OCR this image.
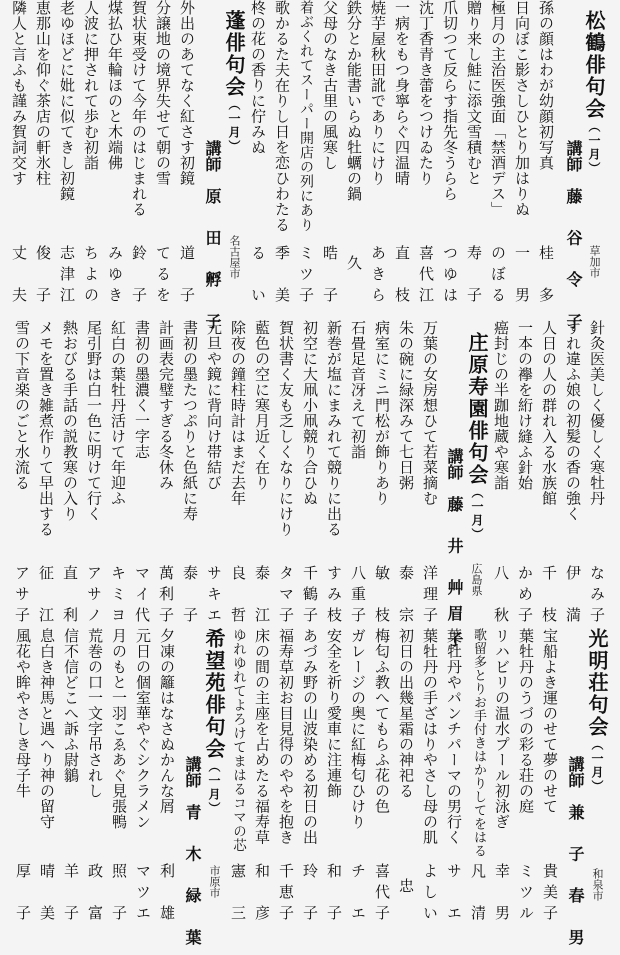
松鶴俳句会（一月）
講師　藤 谷 令 子 草加市
孫の顔はわが幼顔初写真
桂　多
日向ぼこ影さしひとり加はりぬ
一　男
極月の主治医強面「禁酒デス」
のぼる
贈り来し鮭に添文雪積むと
寿　子
爪切つて反らす指先冬うらら
つゆは
沈丁香青き蕾をつけゐたり
喜代江
一病をもつ身寧らぐ四温晴
直　枝
焼芋屋秋田訛でありにけり
あきら
鉄分とか能書いらぬ牡蠣の鍋
久
父母のなき古里の風寒し
晧　子
着ぶくれてスーパー開店の列にあり
ミツ子
歌かるた夫在りし日を恋ひわたる
季　美
柊の花の香りに佇みぬ
る　い
蓬俳句会（一月）
講師　原 田 孵 子 名古屋市
外出のあてなく紅さす初鏡
道　子
分譲地の境界失せて朝の雪
てるを
賀状束受けて今年のはじまれる
鈴　子
煤払ひ年輪ほのと木端佛
みゆき
人波に押されて歩む初詣
ちよの
老ゆほどに妣に似てきし初鏡
志津江
恵那山を仰ぐ茶店の軒氷柱
俊　子
隣人と言ふも謹み賀詞交す
丈　夫
針灸医美しく優しく寒牡丹
なみ子
すれ違ふ娘の初髪の香の強く
伊　満
人日の人の群れ入る水族館
千　枝
一本の襷を絎け縫ふ針始
かめ子
癌封じの半跏地蔵や寒詣
八　秋
庄原寿園俳句会（一月）
講師　藤 井 艸眉子 広島県
万葉の女房想ひて若菜摘む
洋理子
朱の碗に緑深みて七日粥
泰　宗
病室にミニ門松が飾りあり
敏　枝
石畳足音冴えて初詣
八重子
新巻が塩にまみれて競りに出る
すみ枝
初空に大凧小凧競り合ひぬ
千鶴子
賀状書く友も乏しくなりにけり
タマ子
藍色の空に寒月近く在り
泰　江
除夜の鐘柱時計はまだ去年
良　哲
元旦や鏡に背向け帯結び
サキエ
書初の墨たつぷりと色紙に寿
泰　子
計画表完璧すぎる冬休み
萬利子
書初の墨濃く一字志
マイ代
紅白の葉牡丹活けて年迎ふ
キミヨ
尾引野は白一色に明けて行く
アサノ
熱おびる手話の説教寒の入り
直　利
メモを置き雑煮作りて早出する
征　江
雪の下音楽のごと水流る
アサ子
光明荘句会（一月）
講師　兼 子 春 男 和泉市
宝船よき運のせて夢のせて
貴美子
葉牡丹のうづの彩る荘の庭
ミツル
リハビリの温水プール初泳ぎ
幸　男
歌留多とりお手付きはかりしてをはる
凡　清
葉牡丹やパンチパーマの男行く
サ　エ
葉牡丹の手ざはりやさし母の肌
よしい
初日の出幾星霜の神祀る
忠
梅匂ふ教へてもらふ花の色
喜代子
ガレージの奥に紅梅匂ひけり
チ　エ
安全を祈り愛車に注連飾
和　子
あづみ野の山波染める初日の出
玲　子
福寿草初お目見得のややを抱き
千恵子
床の間の主座を占めたる福寿草
和　彦
ゆれゆれてよろけてまはるコマの芯
憲　三
希望苑俳句会（一月）
講師　青 木 緑 葉 市原市
夕凍の籬はなさぬかんな屑
利　雄
元日の個室華やぐシクラメン
マツエ
月のもと一羽こゑあぐ見張鴨
照　子
荒巻の口一文字吊されし
政　富
信不信どこへ訴ふ尉鶲
羊　子
息白き神馬と遇へり神の留守
晴　美
風花や眸やさしき母子牛
厚　子
